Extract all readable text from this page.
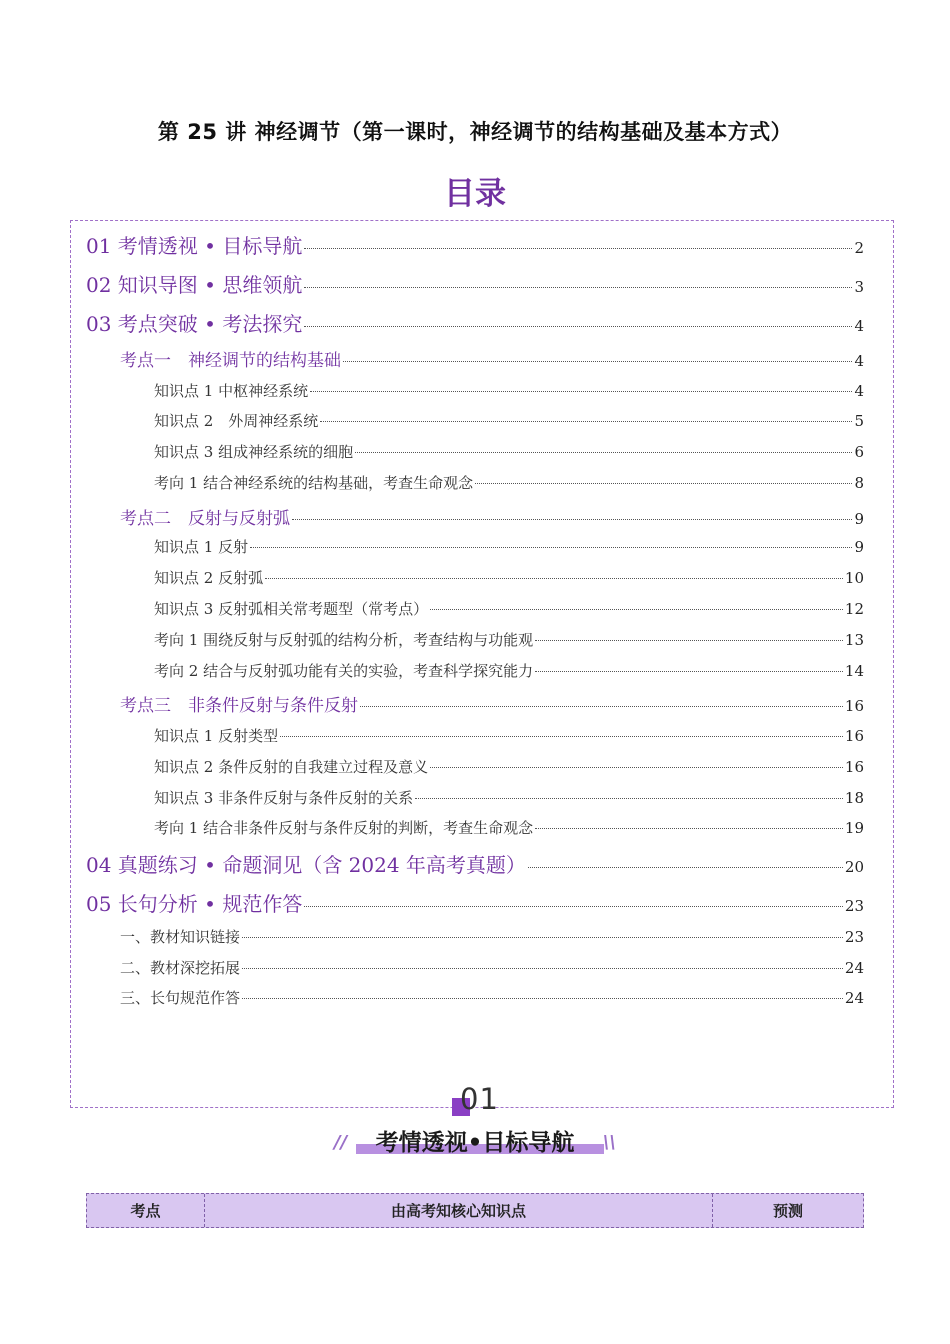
第 25 讲 神经调节（第一课时，神经调节的结构基础及基本方式）
目录
01 考情透视 • 目标导航	2
02 知识导图 • 思维领航	3
03 考点突破 • 考法探究	4
考点一　神经调节的结构基础	4
知识点 1 中枢神经系统	4
知识点 2　外周神经系统	5
知识点 3 组成神经系统的细胞	6
考向 1 结合神经系统的结构基础，考查生命观念	8
考点二　反射与反射弧	9
知识点 1 反射	9
知识点 2 反射弧	10
知识点 3 反射弧相关常考题型（常考点）	12
考向 1 围绕反射与反射弧的结构分析，考查结构与功能观	13
考向 2 结合与反射弧功能有关的实验，考查科学探究能力	14
考点三　非条件反射与条件反射	16
知识点 1 反射类型	16
知识点 2 条件反射的自我建立过程及意义	16
知识点 3 非条件反射与条件反射的关系	18
考向 1 结合非条件反射与条件反射的判断，考查生命观念	19
04 真题练习 • 命题洞见（含 2024 年高考真题）	20
05 长句分析 • 规范作答	23
一、教材知识链接	23
二、教材深挖拓展	24
三、长句规范作答	24
01
//	\\
考情透视•目标导航
考点	由高考知核心知识点	预测
